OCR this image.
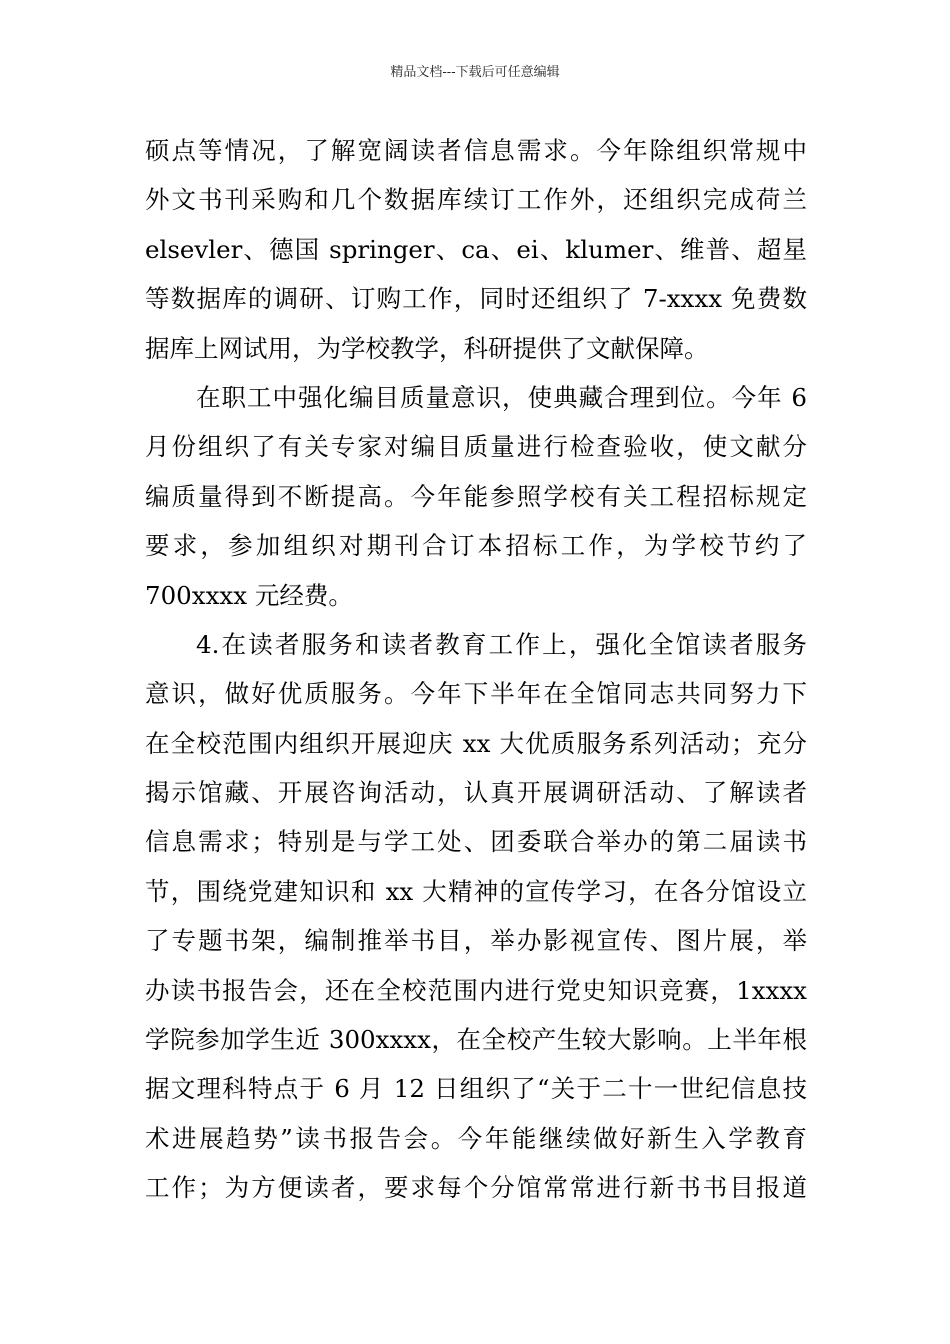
精品文档---下载后可任意编辑
硕点等情况，了解宽阔读者信息需求。今年除组织常规中
外文书刊采购和几个数据库续订工作外，还组织完成荷兰
elsevler、德国 springer、ca、ei、klumer、维普、超星
等数据库的调研、订购工作，同时还组织了 7-xxxx 免费数
据库上网试用，为学校教学，科研提供了文献保障。
在职工中强化编目质量意识，使典藏合理到位。今年 6
月份组织了有关专家对编目质量进行检查验收，使文献分
编质量得到不断提高。今年能参照学校有关工程招标规定
要求，参加组织对期刊合订本招标工作，为学校节约了
700xxxx 元经费。
4.在读者服务和读者教育工作上，强化全馆读者服务
意识，做好优质服务。今年下半年在全馆同志共同努力下
在全校范围内组织开展迎庆 xx 大优质服务系列活动；充分
揭示馆藏、开展咨询活动，认真开展调研活动、了解读者
信息需求；特别是与学工处、团委联合举办的第二届读书
节，围绕党建知识和 xx 大精神的宣传学习，在各分馆设立
了专题书架，编制推举书目，举办影视宣传、图片展，举
办读书报告会，还在全校范围内进行党史知识竞赛，1xxxx
学院参加学生近 300xxxx，在全校产生较大影响。上半年根
据文理科特点于 6 月 12 日组织了“关于二十一世纪信息技
术进展趋势”读书报告会。今年能继续做好新生入学教育
工作；为方便读者，要求每个分馆常常进行新书书目报道
